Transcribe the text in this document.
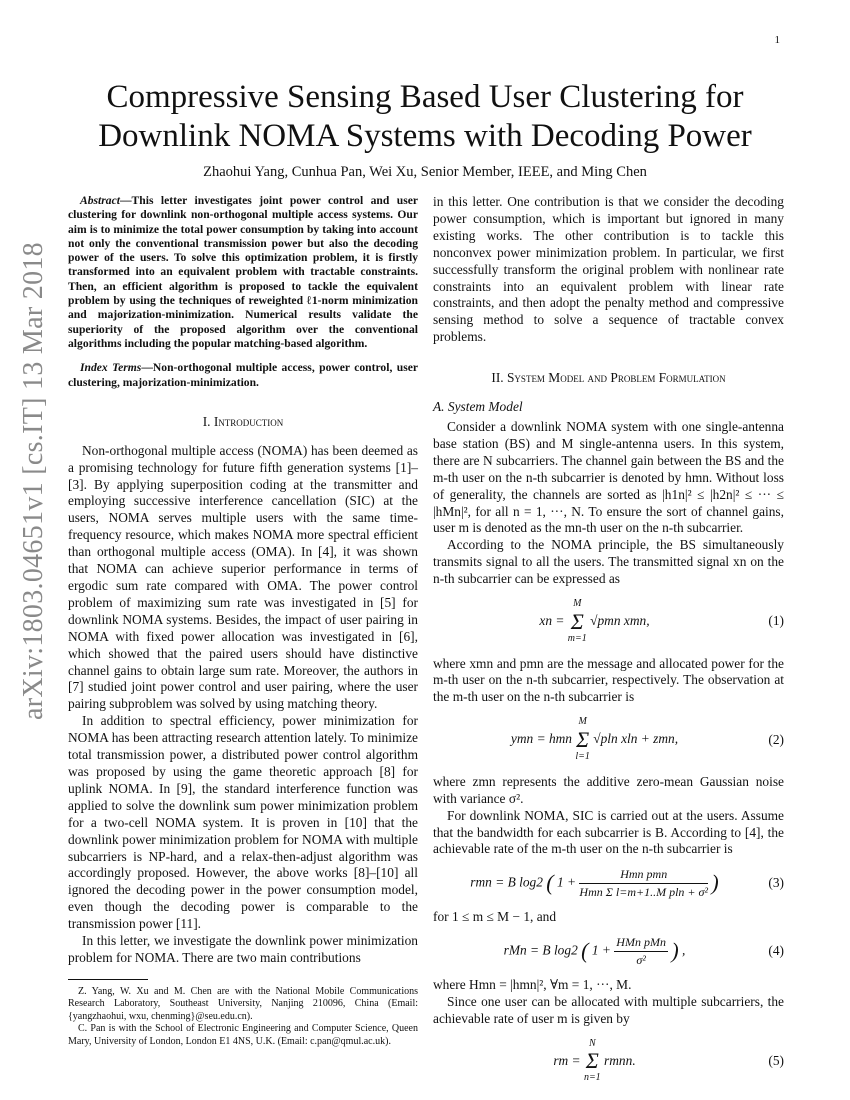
1
arXiv:1803.04651v1 [cs.IT] 13 Mar 2018
Compressive Sensing Based User Clustering for Downlink NOMA Systems with Decoding Power
Zhaohui Yang, Cunhua Pan, Wei Xu, Senior Member, IEEE, and Ming Chen

Abstract—This letter investigates joint power control and user clustering for downlink non-orthogonal multiple access systems. Our aim is to minimize the total power consumption by taking into account not only the conventional transmission power but also the decoding power of the users. To solve this optimization problem, it is firstly transformed into an equivalent problem with tractable constraints. Then, an efficient algorithm is proposed to tackle the equivalent problem by using the techniques of reweighted ℓ1-norm minimization and majorization-minimization. Numerical results validate the superiority of the proposed algorithm over the conventional algorithms including the popular matching-based algorithm.

Index Terms—Non-orthogonal multiple access, power control, user clustering, majorization-minimization.

I. Introduction

Non-orthogonal multiple access (NOMA) has been deemed as a promising technology for future fifth generation systems [1]–[3]. By applying superposition coding at the transmitter and employing successive interference cancellation (SIC) at the users, NOMA serves multiple users with the same time-frequency resource, which makes NOMA more spectral efficient than orthogonal multiple access (OMA). In [4], it was shown that NOMA can achieve superior performance in terms of ergodic sum rate compared with OMA. The power control problem of maximizing sum rate was investigated in [5] for downlink NOMA systems. Besides, the impact of user pairing in NOMA with fixed power allocation was investigated in [6], which showed that the paired users should have distinctive channel gains to obtain large sum rate. Moreover, the authors in [7] studied joint power control and user pairing, where the user pairing subproblem was solved by using matching theory.

In addition to spectral efficiency, power minimization for NOMA has been attracting research attention lately. To minimize total transmission power, a distributed power control algorithm was proposed by using the game theoretic approach [8] for uplink NOMA. In [9], the standard interference function was applied to solve the downlink sum power minimization problem for a two-cell NOMA system. It is proven in [10] that the downlink power minimization problem for NOMA with multiple subcarriers is NP-hard, and a relax-then-adjust algorithm was accordingly proposed. However, the above works [8]–[10] all ignored the decoding power in the power consumption model, even though the decoding power is comparable to the transmission power [11].

In this letter, we investigate the downlink power minimization problem for NOMA. There are two main contributions

Z. Yang, W. Xu and M. Chen are with the National Mobile Communications Research Laboratory, Southeast University, Nanjing 210096, China (Email: {yangzhaohui, wxu, chenming}@seu.edu.cn).

C. Pan is with the School of Electronic Engineering and Computer Science, Queen Mary, University of London, London E1 4NS, U.K. (Email: c.pan@qmul.ac.uk).

in this letter. One contribution is that we consider the decoding power consumption, which is important but ignored in many existing works. The other contribution is to tackle this nonconvex power minimization problem. In particular, we first successfully transform the original problem with nonlinear rate constraints into an equivalent problem with linear rate constraints, and then adopt the penalty method and compressive sensing method to solve a sequence of tractable convex problems.

II. System Model and Problem Formulation
A. System Model

Consider a downlink NOMA system with one single-antenna base station (BS) and M single-antenna users. In this system, there are N subcarriers. The channel gain between the BS and the m-th user on the n-th subcarrier is denoted by hmn. Without loss of generality, the channels are sorted as |h1n|² ≤ |h2n|² ≤ ··· ≤ |hMn|², for all n = 1, ···, N. To ensure the sort of channel gains, user m is denoted as the mn-th user on the n-th subcarrier.

According to the NOMA principle, the BS simultaneously transmits signal to all the users. The transmitted signal xn on the n-th subcarrier can be expressed as

xn =
M
Σ
m=1
√pmn xmn,	(1)

where xmn and pmn are the message and allocated power for the m-th user on the n-th subcarrier, respectively. The observation at the m-th user on the n-th subcarrier is

ymn = hmn
M
Σ
l=1
√pln xln + zmn,	(2)

where zmn represents the additive zero-mean Gaussian noise with variance σ².

For downlink NOMA, SIC is carried out at the users. Assume that the bandwidth for each subcarrier is B. According to [4], the achievable rate of the m-th user on the n-th subcarrier is

rmn = B log2 ( $1 + \frac{\text{Hmn pmn}}{\text{Hmn Σ l=m+1..M pln + σ²}}$ )	(3)

for 1 ≤ m ≤ M − 1, and

rMn = B log2 ( $1 + \frac{\text{HMn pMn}}{\text{σ²}}$ ) ,	(4)

where Hmn = |hmn|², ∀m = 1, ···, M.

Since one user can be allocated with multiple subcarriers, the achievable rate of user m is given by

rm =
N
Σ
n=1
rmnn.	(5)
